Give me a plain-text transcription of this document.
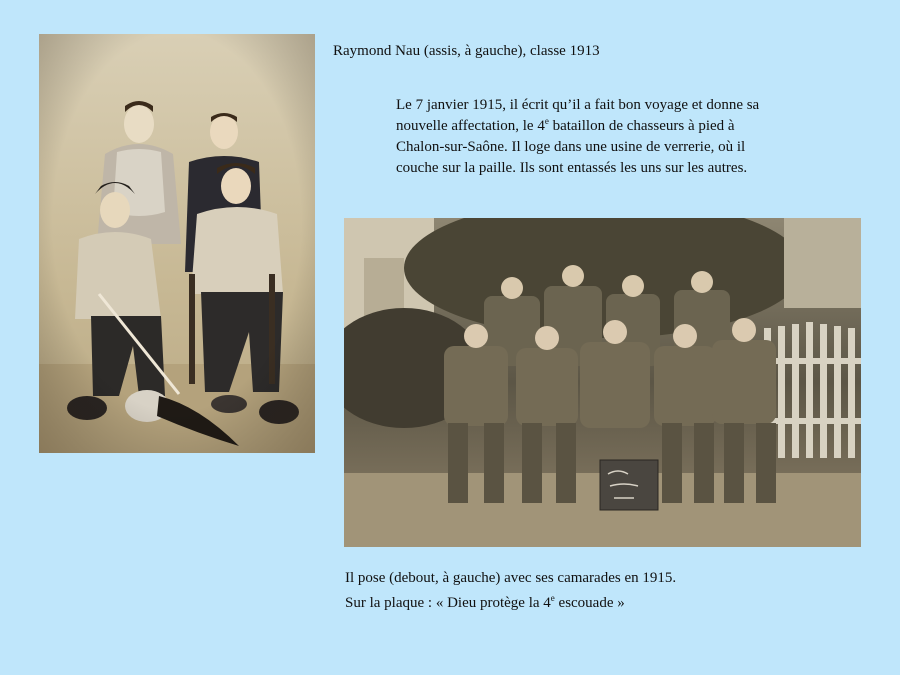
Raymond Nau (assis, à gauche), classe 1913

Le 7 janvier 1915, il écrit qu’il a fait bon voyage et donne sa

nouvelle affectation, le 4e bataillon de chasseurs à pied à

Chalon-sur-Saône. Il loge dans une usine de verrerie, où il

couche sur la paille. Ils sont entassés les uns sur les autres.

Il pose (debout, à gauche) avec ses camarades en 1915.
Sur la plaque : « Dieu protège la 4e escouade »
